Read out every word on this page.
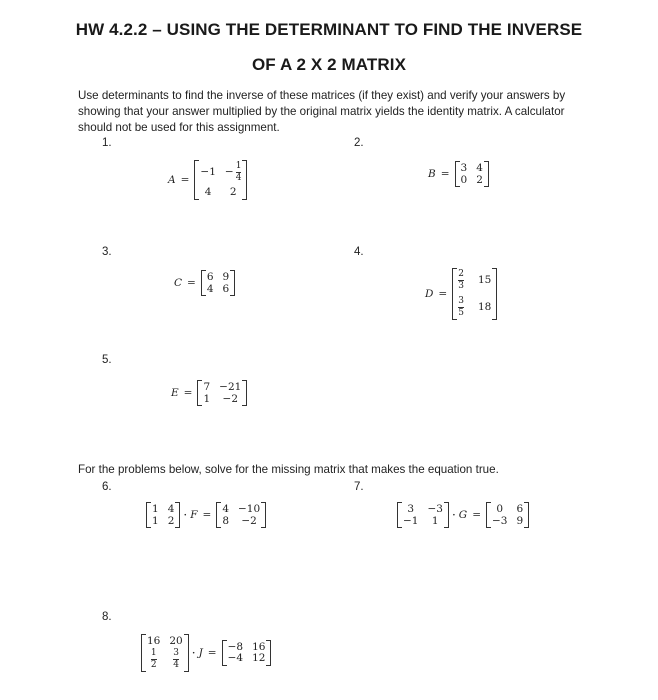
HW 4.2.2 – USING THE DETERMINANT TO FIND THE INVERSE
OF A 2 X 2 MATRIX
Use determinants to find the inverse of these matrices (if they exist) and verify your answers by showing that your answer multiplied by the original matrix yields the identity matrix. A calculator should not be used for this assignment.
1.
A =
$-1 - \frac{1}{4}$
4 2
2.
B = 3 4
0 2
3.
C = 6 9
4 6
4.
D =
$\frac{2}{3} 15$
$\frac{3}{5} 18$
5.
E = 7 −21
1 −2
For the problems below, solve for the missing matrix that makes the equation true.
6.
1 4
1 2 · F = 4 −10
8 −2
7.
3 −3
−1 1 · G = 0 6
−3 9
8.
16 20
$\frac{1}{2} \frac{3}{4} \cdot J = -8$ 16
−4 12
